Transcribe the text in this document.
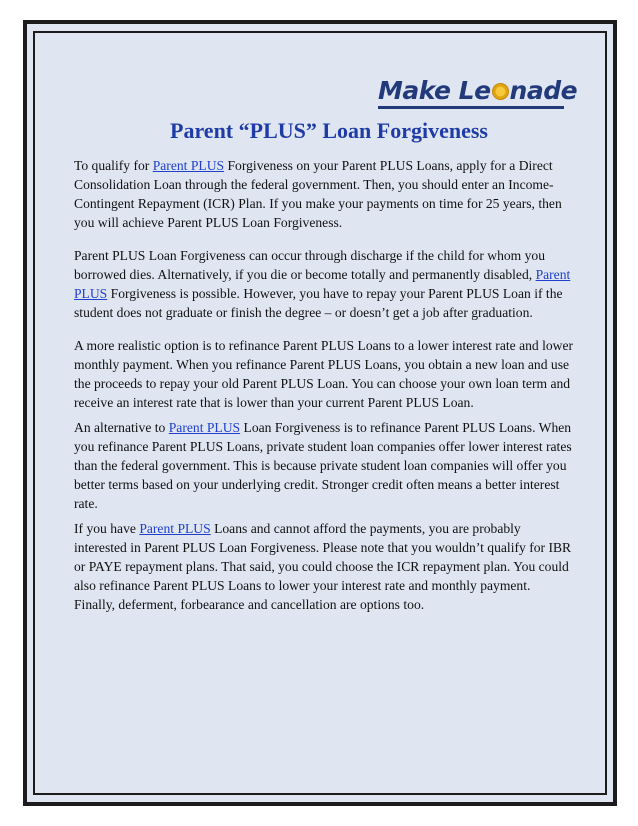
Make Le nade
Parent “PLUS” Loan Forgiveness

To qualify for Parent PLUS Forgiveness on your Parent PLUS Loans, apply for a Direct Consolidation Loan through the federal government. Then, you should enter an Income-Contingent Repayment (ICR) Plan. If you make your payments on time for 25 years, then you will achieve Parent PLUS Loan Forgiveness.

Parent PLUS Loan Forgiveness can occur through discharge if the child for whom you borrowed dies. Alternatively, if you die or become totally and permanently disabled, Parent PLUS Forgiveness is possible. However, you have to repay your Parent PLUS Loan if the student does not graduate or finish the degree – or doesn’t get a job after graduation.

A more realistic option is to refinance Parent PLUS Loans to a lower interest rate and lower monthly payment. When you refinance Parent PLUS Loans, you obtain a new loan and use the proceeds to repay your old Parent PLUS Loan. You can choose your own loan term and receive an interest rate that is lower than your current Parent PLUS Loan.

An alternative to Parent PLUS Loan Forgiveness is to refinance Parent PLUS Loans. When you refinance Parent PLUS Loans, private student loan companies offer lower interest rates than the federal government. This is because private student loan companies will offer you better terms based on your underlying credit. Stronger credit often means a better interest rate.

If you have Parent PLUS Loans and cannot afford the payments, you are probably interested in Parent PLUS Loan Forgiveness. Please note that you wouldn’t qualify for IBR or PAYE repayment plans. That said, you could choose the ICR repayment plan. You could also refinance Parent PLUS Loans to lower your interest rate and monthly payment. Finally, deferment, forbearance and cancellation are options too.
